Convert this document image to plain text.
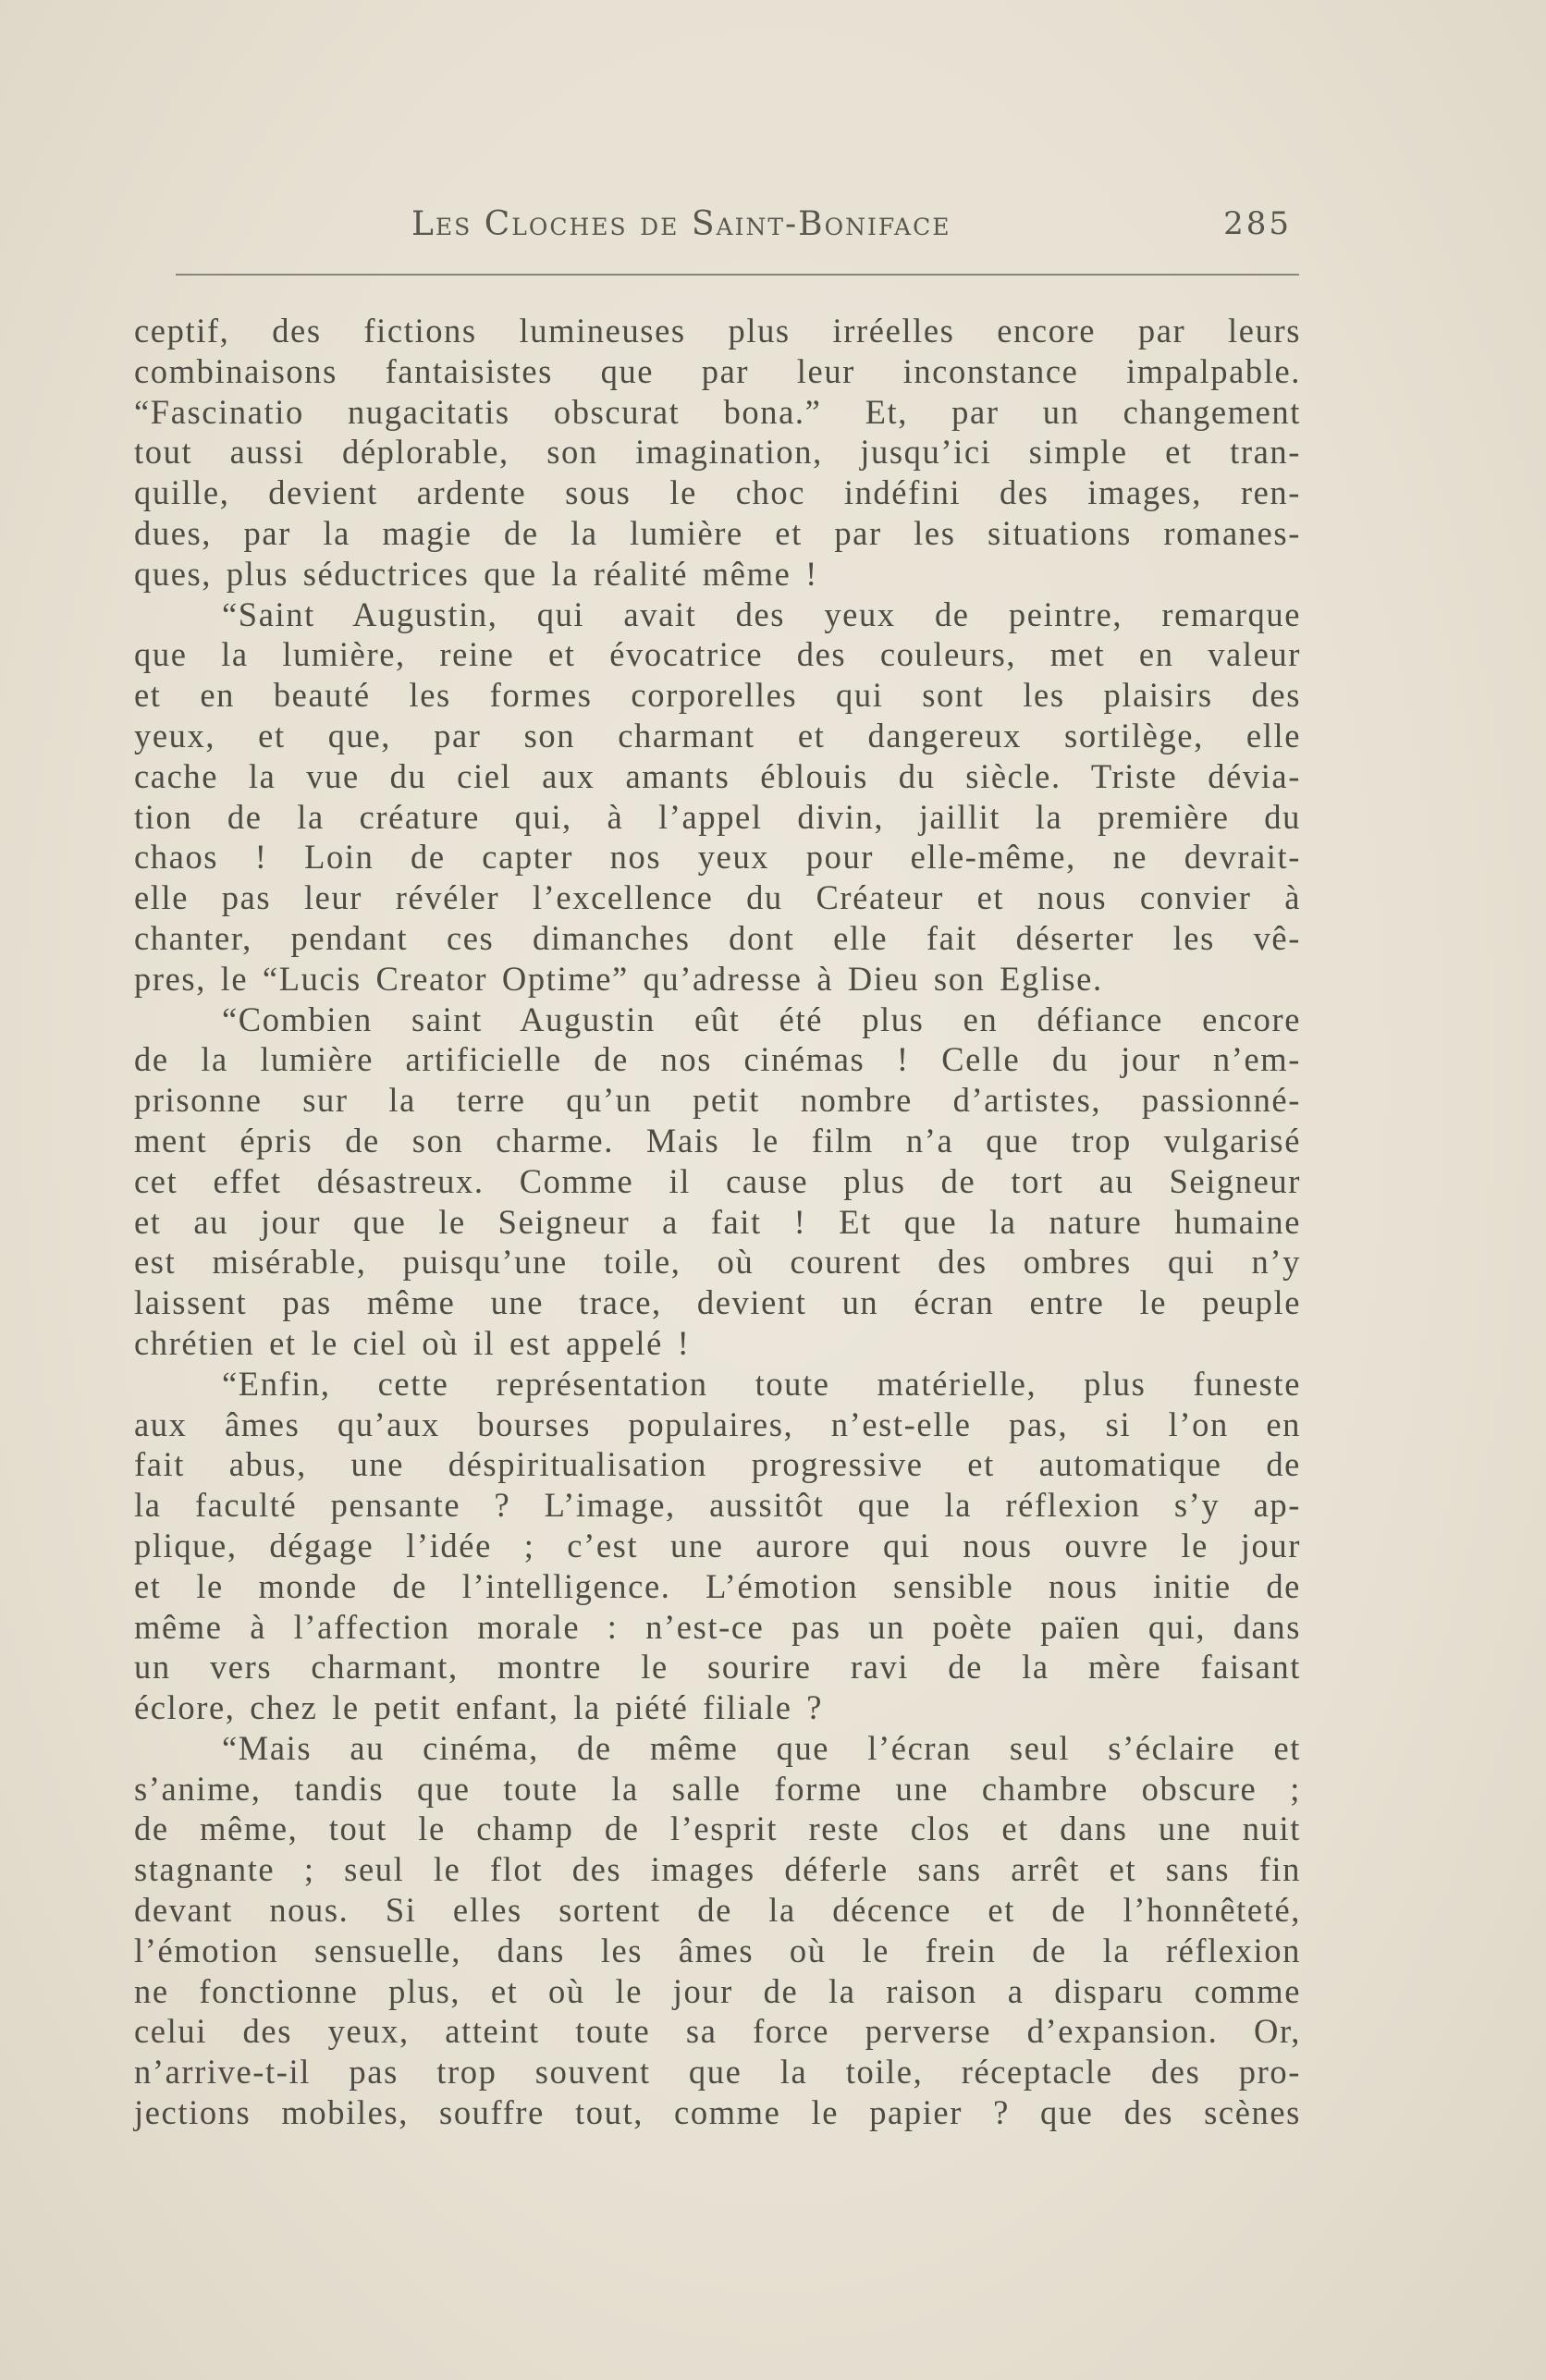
Les Cloches de Saint-Boniface	285

ceptif, des fictions lumineuses plus irréelles encore par leurs
combinaisons fantaisistes que par leur inconstance impalpable.
“Fascinatio nugacitatis obscurat bona.” Et, par un changement
tout aussi déplorable, son imagination, jusqu’ici simple et tran-
quille, devient ardente sous le choc indéfini des images, ren-
dues, par la magie de la lumière et par les situations romanes-
ques, plus séductrices que la réalité même !

“Saint Augustin, qui avait des yeux de peintre, remarque
que la lumière, reine et évocatrice des couleurs, met en valeur
et en beauté les formes corporelles qui sont les plaisirs des
yeux, et que, par son charmant et dangereux sortilège, elle
cache la vue du ciel aux amants éblouis du siècle. Triste dévia-
tion de la créature qui, à l’appel divin, jaillit la première du
chaos ! Loin de capter nos yeux pour elle-même, ne devrait-
elle pas leur révéler l’excellence du Créateur et nous convier à
chanter, pendant ces dimanches dont elle fait déserter les vê-
pres, le “Lucis Creator Optime” qu’adresse à Dieu son Eglise.

“Combien saint Augustin eût été plus en défiance encore
de la lumière artificielle de nos cinémas ! Celle du jour n’em-
prisonne sur la terre qu’un petit nombre d’artistes, passionné-
ment épris de son charme. Mais le film n’a que trop vulgarisé
cet effet désastreux. Comme il cause plus de tort au Seigneur
et au jour que le Seigneur a fait ! Et que la nature humaine
est misérable, puisqu’une toile, où courent des ombres qui n’y
laissent pas même une trace, devient un écran entre le peuple
chrétien et le ciel où il est appelé !

“Enfin, cette représentation toute matérielle, plus funeste
aux âmes qu’aux bourses populaires, n’est-elle pas, si l’on en
fait abus, une déspiritualisation progressive et automatique de
la faculté pensante ? L’image, aussitôt que la réflexion s’y ap-
plique, dégage l’idée ; c’est une aurore qui nous ouvre le jour
et le monde de l’intelligence. L’émotion sensible nous initie de
même à l’affection morale : n’est-ce pas un poète païen qui, dans
un vers charmant, montre le sourire ravi de la mère faisant
éclore, chez le petit enfant, la piété filiale ?

“Mais au cinéma, de même que l’écran seul s’éclaire et
s’anime, tandis que toute la salle forme une chambre obscure ;
de même, tout le champ de l’esprit reste clos et dans une nuit
stagnante ; seul le flot des images déferle sans arrêt et sans fin
devant nous. Si elles sortent de la décence et de l’honnêteté,
l’émotion sensuelle, dans les âmes où le frein de la réflexion
ne fonctionne plus, et où le jour de la raison a disparu comme
celui des yeux, atteint toute sa force perverse d’expansion. Or,
n’arrive-t-il pas trop souvent que la toile, réceptacle des pro-
jections mobiles, souffre tout, comme le papier ? que des scènes
